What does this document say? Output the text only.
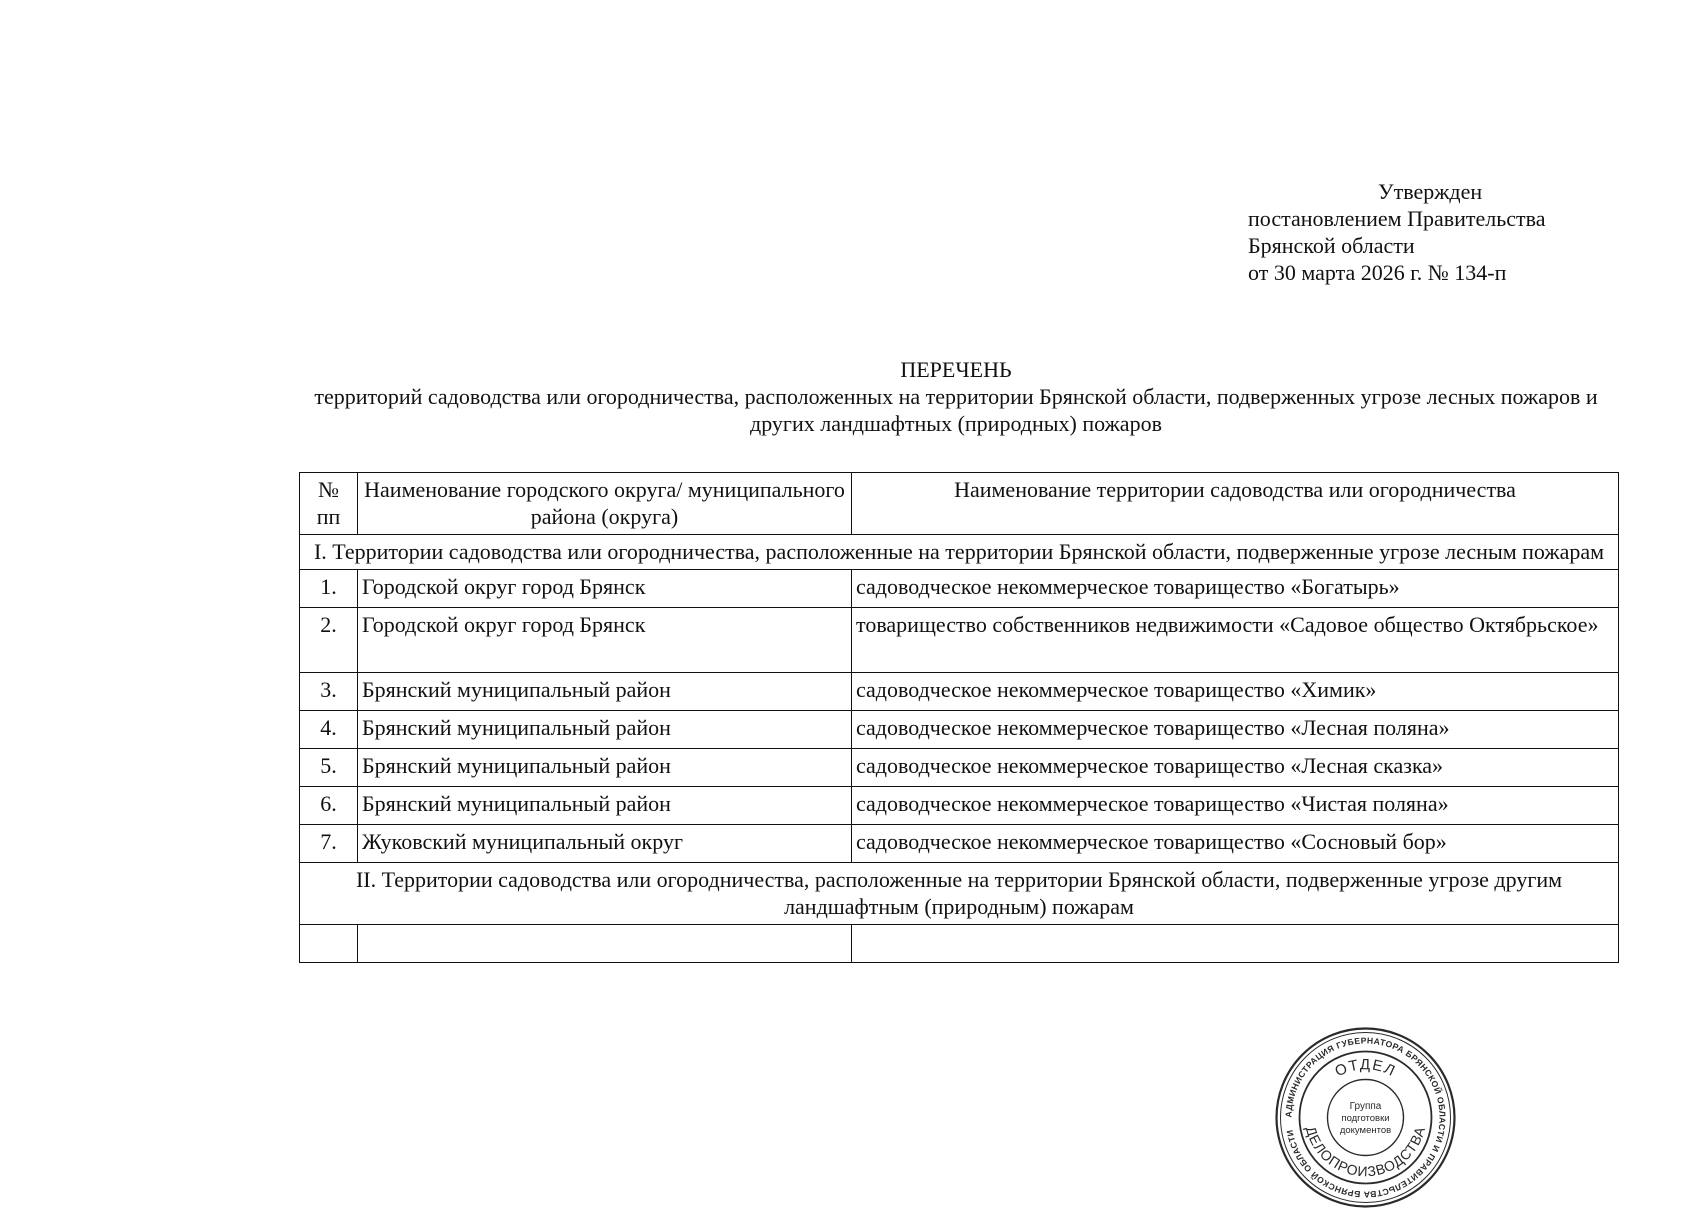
Утвержден
постановлением Правительства
Брянской области
от 30 марта 2026 г. № 134-п
ПЕРЕЧЕНЬ
территорий садоводства или огородничества, расположенных на территории Брянской области, подверженных угрозе лесных пожаров и других ландшафтных (природных) пожаров
№ пп	Наименование городского округа/ муниципального района (округа)	Наименование территории садоводства или огородничества
I. Территории садоводства или огородничества, расположенные на территории Брянской области, подверженные угрозе лесным пожарам		
1.	Городской округ город Брянск	садоводческое некоммерческое товарищество «Богатырь»
2.	Городской округ город Брянск	товарищество собственников недвижимости «Садовое общество Октябрьское»
3.	Брянский муниципальный район	садоводческое некоммерческое товарищество «Химик»
4.	Брянский муниципальный район	садоводческое некоммерческое товарищество «Лесная поляна»
5.	Брянский муниципальный район	садоводческое некоммерческое товарищество «Лесная сказка»
6.	Брянский муниципальный район	садоводческое некоммерческое товарищество «Чистая поляна»
7.	Жуковский муниципальный округ	садоводческое некоммерческое товарищество «Сосновый бор»
II. Территории садоводства или огородничества, расположенные на территории Брянской области, подверженные угрозе другим ландшафтным (природным) пожарам		

АДМИНИСТРАЦИЯ ГУБЕРНАТОРА БРЯНСКОЙ ОБЛАСТИ И ПРАВИТЕЛЬСТВА БРЯНСКОЙ ОБЛАСТИ
ОТДЕЛ
ДЕЛОПРОИЗВОДСТВА
Группа
подготовки
документов
